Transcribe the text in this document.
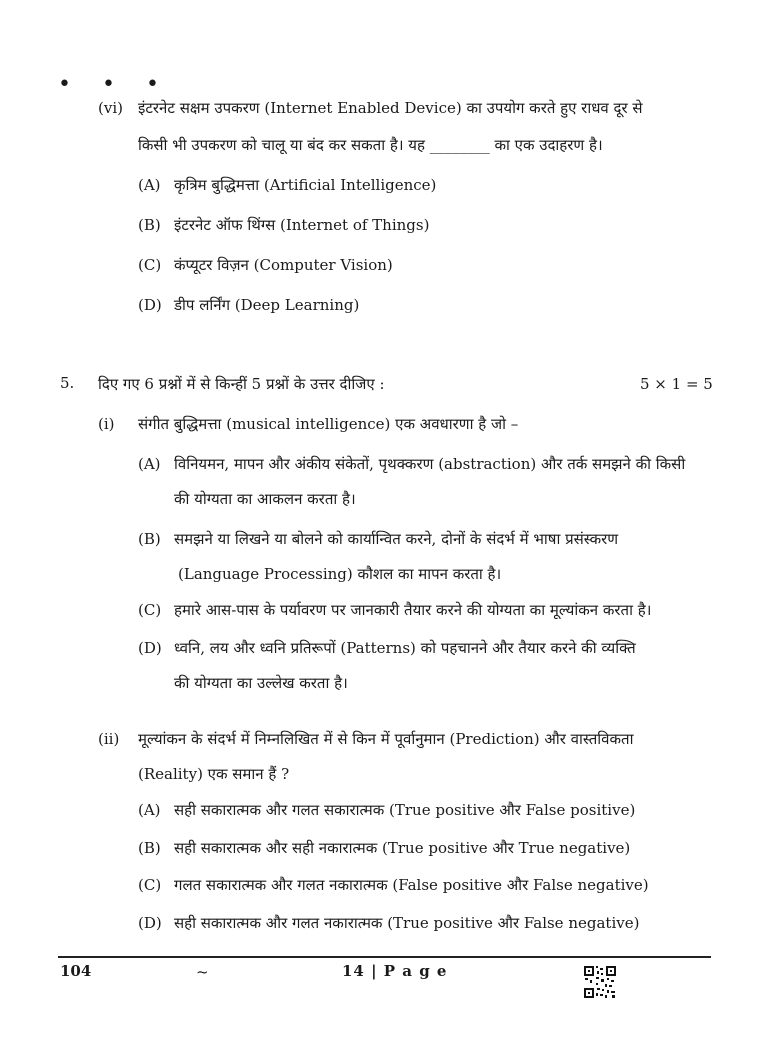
• • •
(vi) इंटरनेट सक्षम उपकरण (Internet Enabled Device) का उपयोग करते हुए राधव दूर से
किसी भी उपकरण को चालू या बंद कर सकता है। यह ________ का एक उदाहरण है।
(A) कृत्रिम बुद्धिमत्ता (Artificial Intelligence)
(B) इंटरनेट ऑफ थिंग्स (Internet of Things)
(C) कंप्यूटर विज़न (Computer Vision)
(D) डीप लर्निंग (Deep Learning)
5. दिए गए 6 प्रश्नों में से किन्हीं 5 प्रश्नों के उत्तर दीजिए :	5 × 1 = 5
(i) संगीत बुद्धिमत्ता (musical intelligence) एक अवधारणा है जो –
(A) विनियमन, मापन और अंकीय संकेतों, पृथक्करण (abstraction) और तर्क समझने की किसी
की योग्यता का आकलन करता है।
(B) समझने या लिखने या बोलने को कार्यान्वित करने, दोनों के संदर्भ में भाषा प्रसंस्करण
(Language Processing) कौशल का मापन करता है।
(C) हमारे आस-पास के पर्यावरण पर जानकारी तैयार करने की योग्यता का मूल्यांकन करता है।
(D) ध्वनि, लय और ध्वनि प्रतिरूपों (Patterns) को पहचानने और तैयार करने की व्यक्ति
की योग्यता का उल्लेख करता है।
(ii) मूल्यांकन के संदर्भ में निम्नलिखित में से किन में पूर्वानुमान (Prediction) और वास्तविकता
(Reality) एक समान हैं ?
(A) सही सकारात्मक और गलत सकारात्मक (True positive और False positive)
(B) सही सकारात्मक और सही नकारात्मक (True positive और True negative)
(C) गलत सकारात्मक और गलत नकारात्मक (False positive और False negative)
(D) सही सकारात्मक और गलत नकारात्मक (True positive और False negative)
104	~	14 | P a g e
